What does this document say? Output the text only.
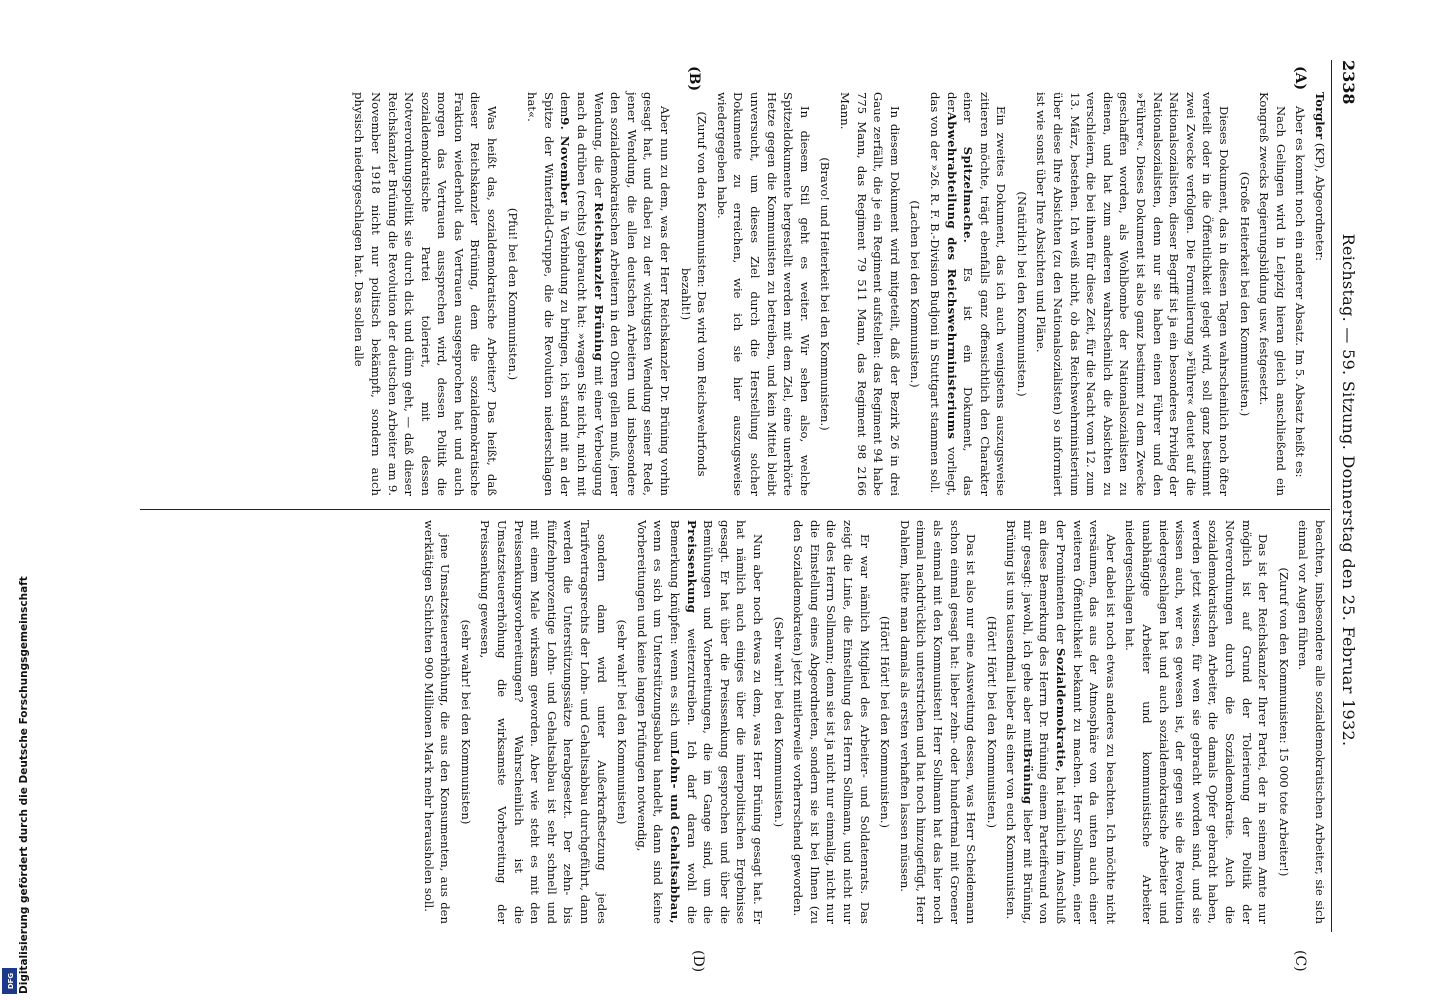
2338
Reichstag. — 59. Sitzung. Donnerstag den 25. Februar 1932.
(A)
(B)
(C)
(D)

Torgler (KP), Abgeordneter:

Aber es kommt noch ein anderer Absatz. Im 5. Absatz heißt es:

Nach Gelingen wird in Leipzig hieran gleich anschließend ein Kongreß zwecks Regierungsbildung usw. festgesetzt.

(Große Heiterkeit bei den Kommunisten.)

Dieses Dokument, das in diesen Tagen wahrscheinlich noch öfter verteilt oder in die Öffentlichkeit gelegt wird, soll ganz bestimmt zwei Zwecke verfolgen. Die Formulierung »Führer« deutet auf die Nationalsozialisten, dieser Begriff ist ja ein besonderes Privileg der Nationalsozialisten, denn nur sie haben einen Führer und den »Führer«. Dieses Dokument ist also ganz bestimmt zu dem Zwecke geschaffen worden, als Wohlbombe der Nationalsozialisten zu dienen, und hat zum anderen wahrscheinlich die Absichten zu verschleiern, die bei ihnen für diese Zeit, für die Nacht vom 12. zum 13. März, bestehen. Ich weiß nicht, ob das Reichswehrministerium über diese Ihre Absichten (zu den Nationalsozialisten) so informiert ist wie sonst über Ihre Absichten und Pläne.

(Natürlich! bei den Kommunisten.)

Ein zweites Dokument, das ich auch wenigstens auszugsweise zitieren möchte, trägt ebenfalls ganz offensichtlich den Charakter einer Spitzelmache. Es ist ein Dokument, das derAbwehrabteilung des Reichswehrministeriums vorliegt, das von der »26. R. F. B.-Division Budjoni in Stuttgart stammen soll.

(Lachen bei den Kommunisten.)

In diesem Dokument wird mitgeteilt, daß der Bezirk 26 in drei Gaue zerfällt, die je ein Regiment aufstellen: das Regiment 94 habe 775 Mann, das Regiment 79 511 Mann, das Regiment 98 2166 Mann.

(Bravo! und Heiterkeit bei den Kommunisten.)

In diesem Stil geht es weiter. Wir sehen also, welche Spitzeldokumente hergestellt werden mit dem Ziel, eine unerhörte Hetze gegen die Kommunisten zu betreiben, und kein Mittel bleibt unversucht, um dieses Ziel durch die Herstellung solcher Dokumente zu erreichen, wie ich sie hier auszugsweise wiedergegeben habe.

(Zuruf von den Kommunisten: Das wird vom Reichswehrfonds bezahlt!)

Aber nun zu dem, was der Herr Reichskanzler Dr. Brüning vorhin gesagt hat, und dabei zu der wichtigsten Wendung seiner Rede, jener Wendung, die allen deutschen Arbeitern und insbesondere den sozialdemokratischen Arbeitern in den Ohren gellen muß, jener Wendung, die der Reichskanzler Brüning mit einer Verbeugung nach da drüben (rechts) gebraucht hat: »wagen Sie nicht, mich mit dem9. November in Verbindung zu bringen, ich stand mit an der Spitze der Winterfeld-Gruppe, die die Revolution niederschlagen hat«.

(Pfui! bei den Kommunisten.)

Was heißt das, sozialdemokratische Arbeiter? Das heißt, daß dieser Reichskanzler Brüning, dem die sozialdemokratische Fraktion wiederholt das Vertrauen ausgesprochen hat und auch morgen das Vertrauen aussprechen wird, dessen Politik die sozialdemokratische Partei toleriert, mit dessen Notverordnungspolitik sie durch dick und dünn geht, — daß dieser Reichskanzler Brüning die Revolution der deutschen Arbeiter am 9. November 1918 nicht nur politisch bekämpft, sondern auch physisch niedergeschlagen hat. Das sollen alle

beachten, insbesondere alle sozialdemokratischen Arbeiter, sie sich einmal vor Augen führen.

(Zuruf von den Kommunisten: 15 000 tote Arbeiter!)

Das ist der Reichskanzler Ihrer Partei, der in seinem Amte nur möglich ist auf Grund der Tolerierung der Politik der Notverordnungen durch die Sozialdemokratie. Auch die sozialdemokratischen Arbeiter, die damals Opfer gebracht haben, werden jetzt wissen, für wen sie gebracht worden sind, und sie wissen auch, wer es gewesen ist, der gegen sie die Revolution niedergeschlagen hat und auch sozialdemokratische Arbeiter und unabhängige Arbeiter und kommunistische Arbeiter niedergeschlagen hat.

Aber dabei ist noch etwas anderes zu beachten. Ich möchte nicht versäumen, das aus der Atmosphäre von da unten auch einer weiteren Öffentlichkeit bekannt zu machen. Herr Sollmann, einer der Prominenten der Sozialdemokratie, hat nämlich im Anschluß an diese Bemerkung des Herrn Dr. Brüning einem Parteifreund von mir gesagt: jawohl, ich gehe aber mitBrüning lieber mit Brüning, Brüning ist uns tausendmal lieber als einer von euch Kommunisten.

(Hört! Hört! bei den Kommunisten.)

Das ist also nur eine Ausweitung dessen, was Herr Scheidemann schon einmal gesagt hat: lieber zehn- oder hundertmal mit Groener als einmal mit den Kommunisten! Herr Sollmann hat das hier noch einmal nachdrücklich unterstrichen und hat noch hinzugefügt, Herr Dahlem, hätte man damals als ersten verhaften lassen müssen.

(Hört! Hört! bei den Kommunisten.)

Er war nämlich Mitglied des Arbeiter- und Soldatenrats. Das zeigt die Linie, die Einstellung des Herrn Sollmann, und nicht nur die des Herrn Sollmann; denn sie ist ja nicht nur einmalig, nicht nur die Einstellung eines Abgeordneten, sondern sie ist bei Ihnen (zu den Sozialdemokraten) jetzt mittlerweile vorherrschend geworden.

(Sehr wahr! bei den Kommunisten.)

Nun aber noch etwas zu dem, was Herr Brüning gesagt hat. Er hat nämlich auch einiges über die innerpolitischen Ergebnisse gesagt. Er hat über die Preissenkung gesprochen und über die Bemühungen und Vorbereitungen, die im Gange sind, um die Preissenkung weiterzutreiben. Ich darf daran wohl die Bemerkung knüpfen: wenn es sich umLohn- und Gehaltsabbau, wenn es sich um Unterstützungsabbau handelt, dann sind keine Vorbereitungen und keine langen Prüfungen notwendig,

(sehr wahr! bei den Kommunisten)

sondern dann wird unter Außerkraftsetzung jedes Tarifvertragsrechts der Lohn- und Gehaltsabbau durchgeführt, dann werden die Unterstützungssätze herabgesetzt. Der zehn- bis fünfzehnprozentige Lohn- und Gehaltsabbau ist sehr schnell und mit einem Male wirksam geworden. Aber wie steht es mit den Preissenkungsvorbereitungen? Wahrscheinlich ist die Umsatzsteuererhöhung die wirksamste Vorbereitung der Preissenkung gewesen,

(sehr wahr! bei den Kommunisten)

jene Umsatzsteuererhöhung, die aus den Konsumenten, aus den werktätigen Schichten 900 Millionen Mark mehr herausholen soll.

Digitalisierung gefördert durch die Deutsche Forschungsgemeinschaft
DFG
